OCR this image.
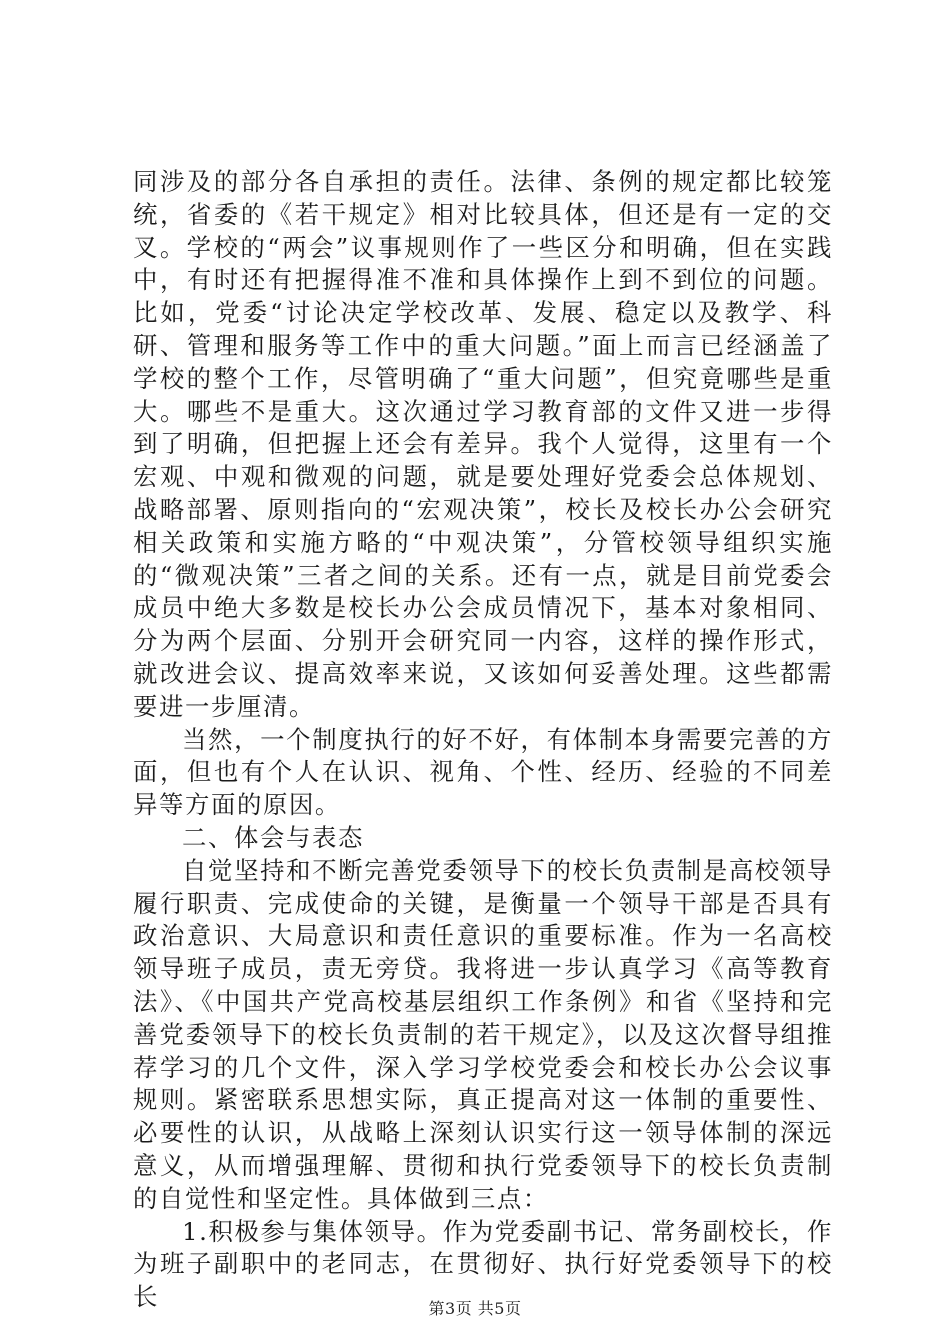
同涉及的部分各自承担的责任。法律、条例的规定都比较笼统，省委的《若干规定》相对比较具体，但还是有一定的交叉。学校的“两会”议事规则作了一些区分和明确，但在实践中，有时还有把握得准不准和具体操作上到不到位的问题。比如，党委“讨论决定学校改革、发展、稳定以及教学、科研、管理和服务等工作中的重大问题。”面上而言已经涵盖了学校的整个工作，尽管明确了“重大问题”，但究竟哪些是重大。哪些不是重大。这次通过学习教育部的文件又进一步得到了明确，但把握上还会有差异。我个人觉得，这里有一个宏观、中观和微观的问题，就是要处理好党委会总体规划、战略部署、原则指向的“宏观决策”，校长及校长办公会研究相关政策和实施方略的“中观决策”，分管校领导组织实施的“微观决策”三者之间的关系。还有一点，就是目前党委会成员中绝大多数是校长办公会成员情况下，基本对象相同、分为两个层面、分别开会研究同一内容，这样的操作形式，就改进会议、提高效率来说，又该如何妥善处理。这些都需要进一步厘清。

当然，一个制度执行的好不好，有体制本身需要完善的方面，但也有个人在认识、视角、个性、经历、经验的不同差异等方面的原因。

二、体会与表态

自觉坚持和不断完善党委领导下的校长负责制是高校领导履行职责、完成使命的关键，是衡量一个领导干部是否具有政治意识、大局意识和责任意识的重要标准。作为一名高校领导班子成员，责无旁贷。我将进一步认真学习《高等教育法》、《中国共产党高校基层组织工作条例》和省《坚持和完善党委领导下的校长负责制的若干规定》，以及这次督导组推荐学习的几个文件，深入学习学校党委会和校长办公会议事规则。紧密联系思想实际，真正提高对这一体制的重要性、必要性的认识，从战略上深刻认识实行这一领导体制的深远意义，从而增强理解、贯彻和执行党委领导下的校长负责制的自觉性和坚定性。具体做到三点：

1.积极参与集体领导。作为党委副书记、常务副校长，作为班子副职中的老同志，在贯彻好、执行好党委领导下的校长	第3页 共5页
